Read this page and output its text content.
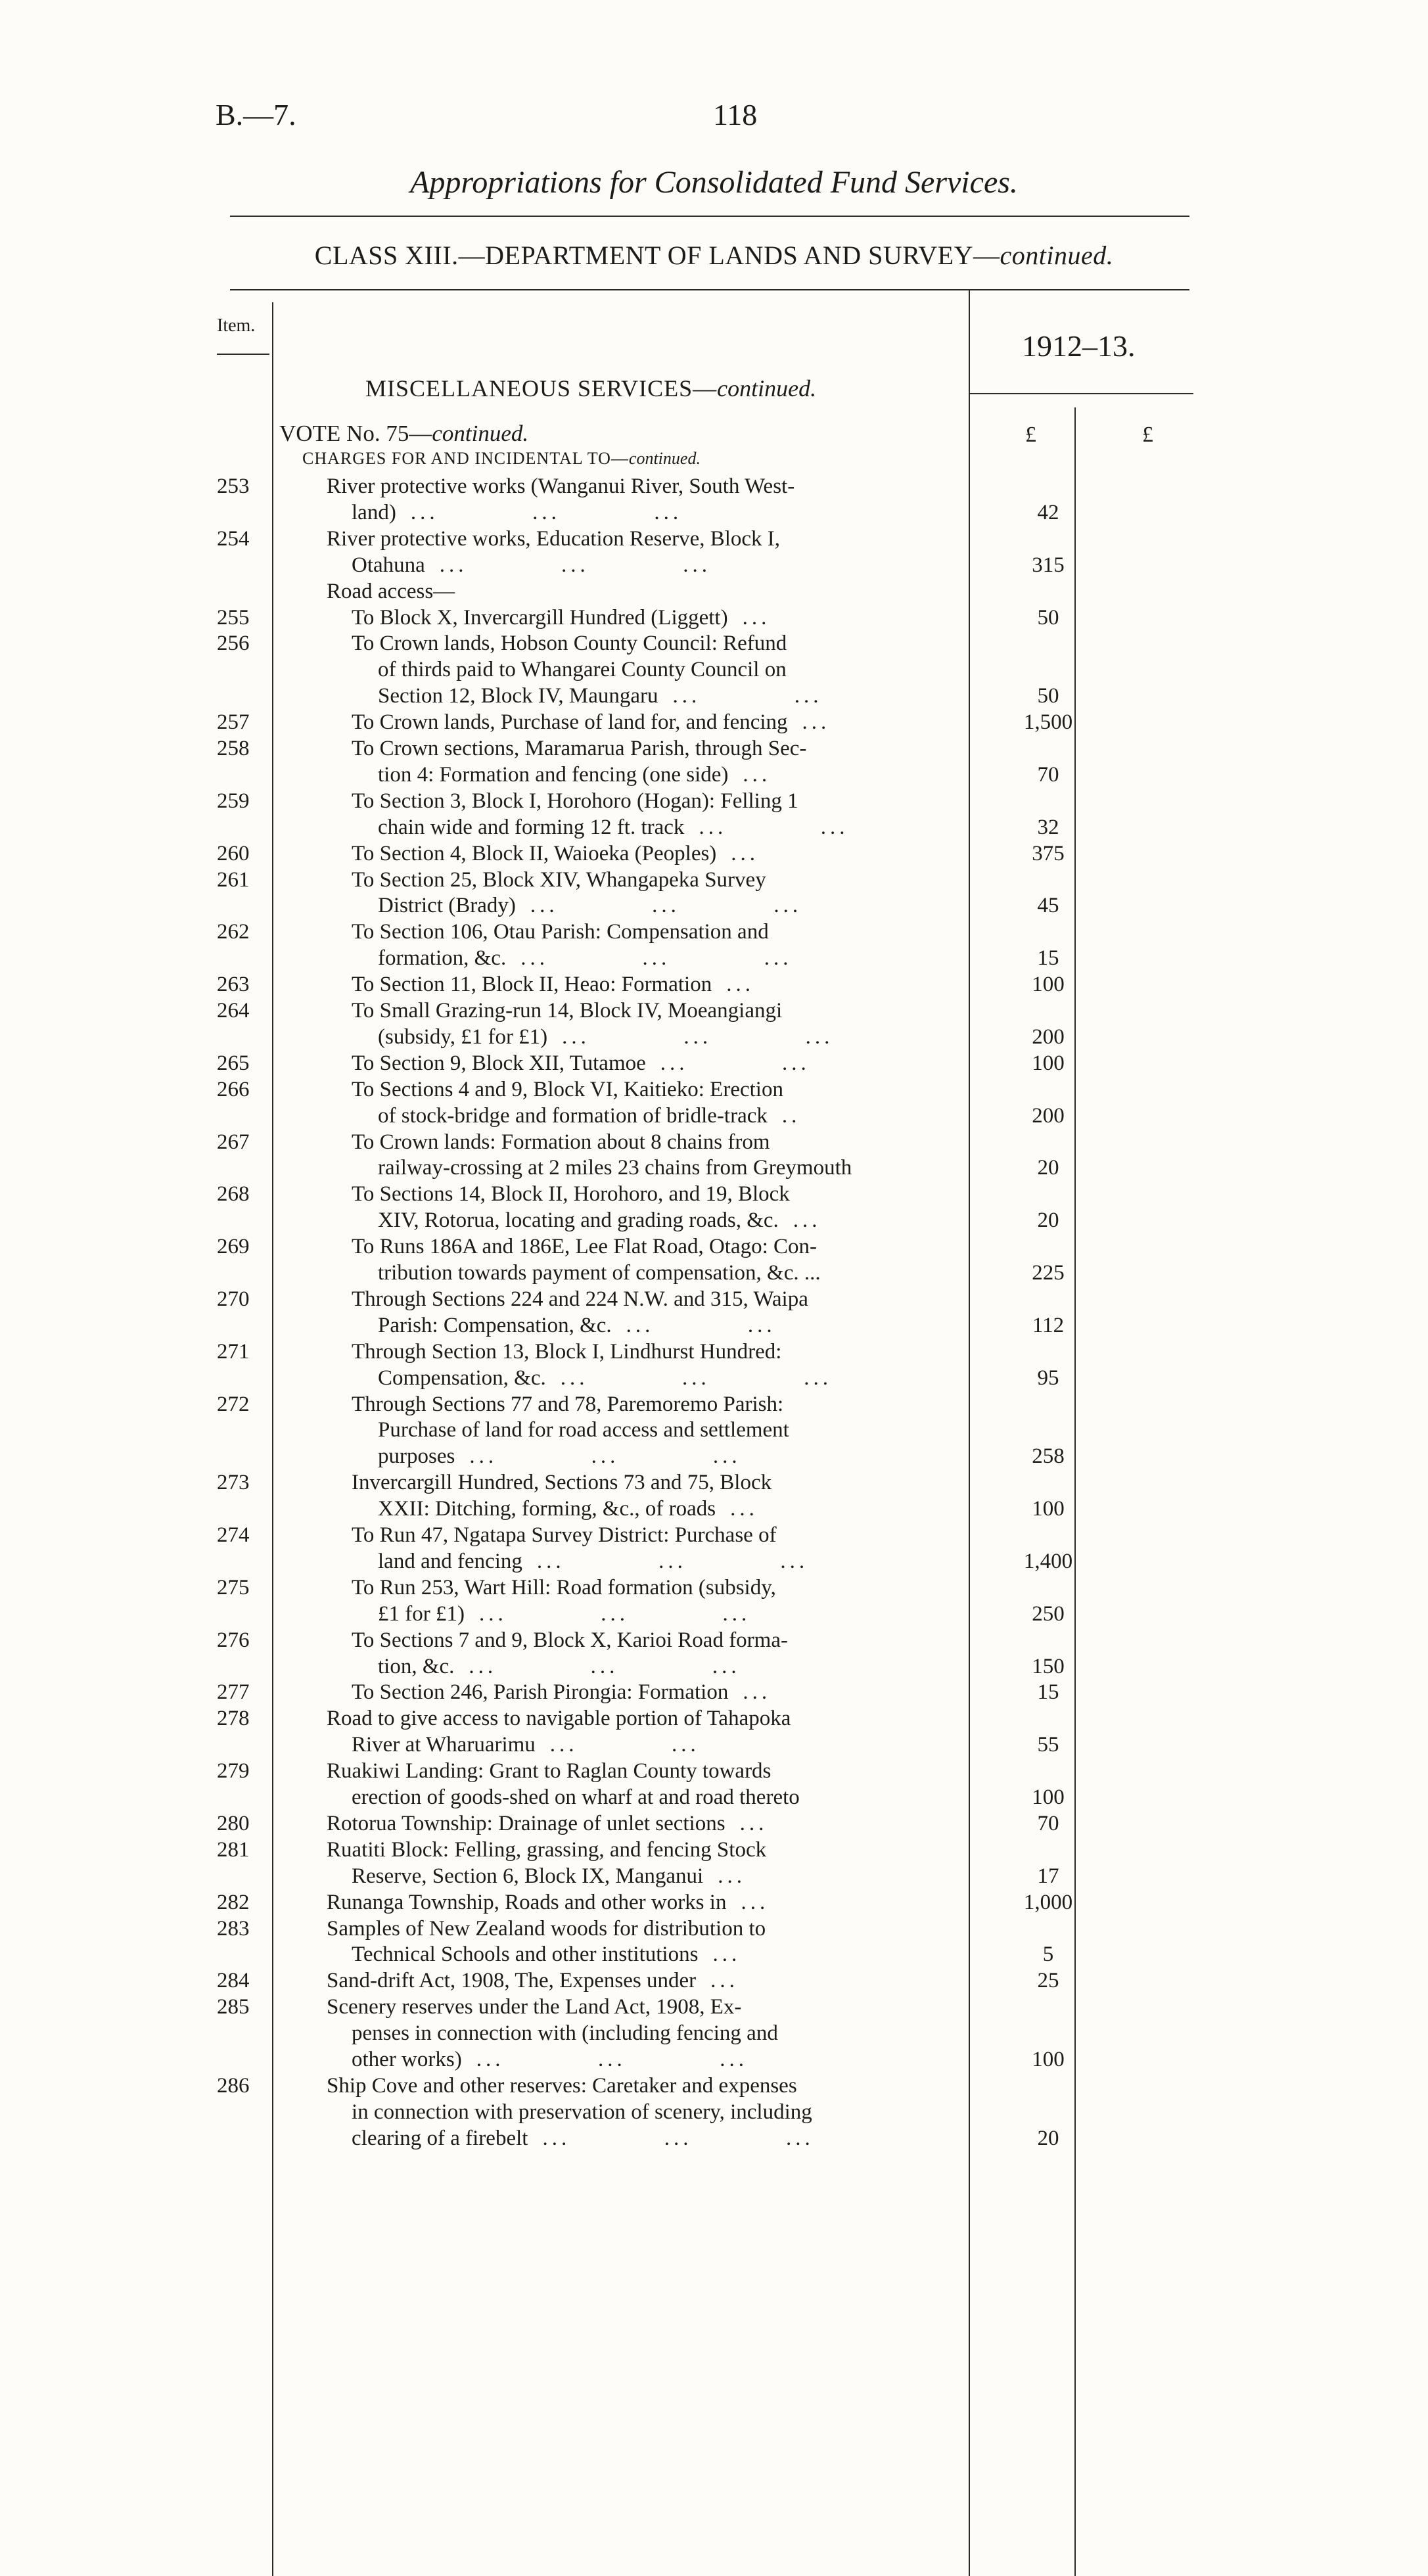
B.—7.	118
Appropriations for Consolidated Fund Services.
CLASS XIII.—DEPARTMENT OF LANDS AND SURVEY—continued.
Item.
1912–13.
MISCELLANEOUS SERVICES—continued.
VOTE No. 75—continued.
CHARGES FOR AND INCIDENTAL TO—continued.
£	£
253	River protective works (Wanganui River, South West-
land) ...          ...          ...	42
254	River protective works, Education Reserve, Block I,
Otahuna ...          ...          ...	315
Road access—
255	To Block X, Invercargill Hundred (Liggett) ...	50
256	To Crown lands, Hobson County Council: Refund
of thirds paid to Whangarei County Council on
Section 12, Block IV, Maungaru ...          ...	50
257	To Crown lands, Purchase of land for, and fencing ...	1,500
258	To Crown sections, Maramarua Parish, through Sec-
tion 4: Formation and fencing (one side) ...	70
259	To Section 3, Block I, Horohoro (Hogan): Felling 1
chain wide and forming 12 ft. track ...          ...	32
260	To Section 4, Block II, Waioeka (Peoples) ...	375
261	To Section 25, Block XIV, Whangapeka Survey
District (Brady) ...          ...          ...	45
262	To Section 106, Otau Parish: Compensation and
formation, &c. ...          ...          ...	15
263	To Section 11, Block II, Heao: Formation ...	100
264	To Small Grazing-run 14, Block IV, Moeangiangi
(subsidy, £1 for £1) ...          ...          ...	200
265	To Section 9, Block XII, Tutamoe ...          ...	100
266	To Sections 4 and 9, Block VI, Kaitieko: Erection
of stock-bridge and formation of bridle-track ..	200
267	To Crown lands: Formation about 8 chains from
railway-crossing at 2 miles 23 chains from Greymouth	20
268	To Sections 14, Block II, Horohoro, and 19, Block
XIV, Rotorua, locating and grading roads, &c. ...	20
269	To Runs 186A and 186E, Lee Flat Road, Otago: Con-
tribution towards payment of compensation, &c. ...	225
270	Through Sections 224 and 224 N.W. and 315, Waipa
Parish: Compensation, &c. ...          ...	112
271	Through Section 13, Block I, Lindhurst Hundred:
Compensation, &c. ...          ...          ...	95
272	Through Sections 77 and 78, Paremoremo Parish:
Purchase of land for road access and settlement
purposes ...          ...          ...	258
273	Invercargill Hundred, Sections 73 and 75, Block
XXII: Ditching, forming, &c., of roads ...	100
274	To Run 47, Ngatapa Survey District: Purchase of
land and fencing ...          ...          ...	1,400
275	To Run 253, Wart Hill: Road formation (subsidy,
£1 for £1) ...          ...          ...	250
276	To Sections 7 and 9, Block X, Karioi Road forma-
tion, &c. ...          ...          ...	150
277	To Section 246, Parish Pirongia: Formation ...	15
278	Road to give access to navigable portion of Tahapoka
River at Wharuarimu ...          ...	55
279	Ruakiwi Landing: Grant to Raglan County towards
erection of goods-shed on wharf at and road thereto	100
280	Rotorua Township: Drainage of unlet sections ...	70
281	Ruatiti Block: Felling, grassing, and fencing Stock
Reserve, Section 6, Block IX, Manganui ...	17
282	Runanga Township, Roads and other works in ...	1,000
283	Samples of New Zealand woods for distribution to
Technical Schools and other institutions ...	5
284	Sand-drift Act, 1908, The, Expenses under ...	25
285	Scenery reserves under the Land Act, 1908, Ex-
penses in connection with (including fencing and
other works) ...          ...          ...	100
286	Ship Cove and other reserves: Caretaker and expenses
in connection with preservation of scenery, including
clearing of a firebelt ...          ...          ...	20
